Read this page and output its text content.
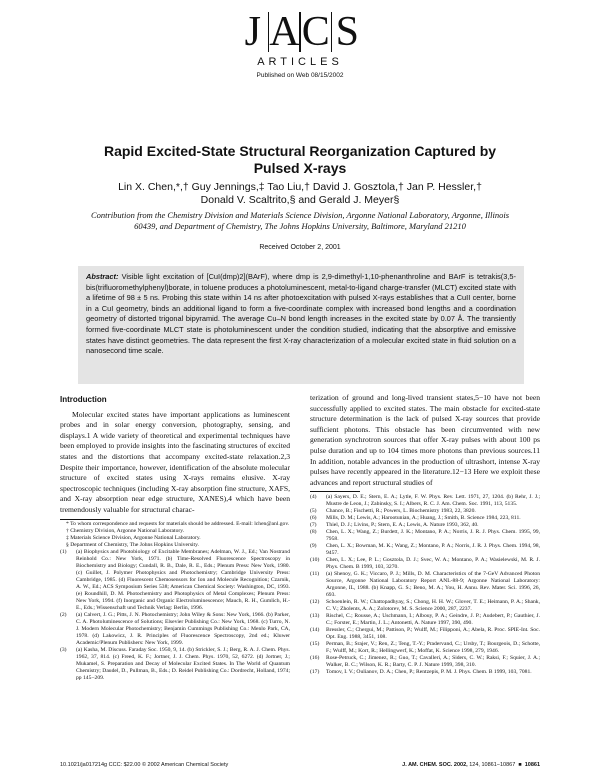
J A C S
ARTICLES
Published on Web 08/15/2002
Rapid Excited-State Structural Reorganization Captured by Pulsed X-rays
Lin X. Chen,*,† Guy Jennings,‡ Tao Liu,† David J. Gosztola,† Jan P. Hessler,†
Donald V. Scaltrito,§ and Gerald J. Meyer§
Contribution from the Chemistry Division and Materials Science Division, Argonne National Laboratory, Argonne, Illinois 60439, and Department of Chemistry, The Johns Hopkins University, Baltimore, Maryland 21210
Received October 2, 2001
Abstract: Visible light excitation of [CuI(dmp)2](BArF), where dmp is 2,9-dimethyl-1,10-phenanthroline and BArF is tetrakis(3,5-bis(trifluoromethylphenyl)borate, in toluene produces a photoluminescent, metal-to-ligand charge-transfer (MLCT) excited state with a lifetime of 98 ± 5 ns. Probing this state within 14 ns after photoexcitation with pulsed X-rays establishes that a CuII center, borne in a CuI geometry, binds an additional ligand to form a five-coordinate complex with increased bond lengths and a coordination geometry of distorted trigonal bipyramid. The average Cu–N bond length increases in the excited state by 0.07 Å. The transiently formed five-coordinate MLCT state is photoluminescent under the condition studied, indicating that the absorptive and emissive states have distinct geometries. The data represent the first X-ray characterization of a molecular excited state in fluid solution on a nanosecond time scale.
Introduction

Molecular excited states have important applications as luminescent probes and in solar energy conversion, photography, sensing, and displays.1 A wide variety of theoretical and experimental techniques have been employed to provide insights into the fascinating structures of excited states and the distortions that accompany excited-state relaxation.2,3 Despite their importance, however, identification of the absolute molecular structure of excited states using X-rays remains elusive. X-ray spectroscopic techniques (including X-ray absorption fine structure, XAFS, and X-ray absorption near edge structure, XANES),4 which have been tremendously valuable for structural charac-

* To whom correspondence and requests for materials should be addressed. E-mail: lchen@anl.gov.

† Chemistry Division, Argonne National Laboratory.

‡ Materials Science Division, Argonne National Laboratory.

§ Department of Chemistry, The Johns Hopkins University.

(1)	(a) Biophysics and Photobiology of Excitable Membranes; Adelman, W. J., Ed.; Van Nostrand Reinhold Co.: New York, 1971. (b) Time-Resolved Fluorescence Spectroscopy in Biochemistry and Biology; Cundall, R. B., Dale, R. E., Eds.; Plenum Press: New York, 1980. (c) Guillet, J. Polymer Photophysics and Photochemistry; Cambridge University Press: Cambridge, 1985. (d) Fluorescent Chemosensors for Ion and Molecule Recognition; Czarnik, A. W., Ed.; ACS Symposium Series 538; American Chemical Society: Washington, DC, 1993. (e) Roundhill, D. M. Photochemistry and Photophysics of Metal Complexes; Plenum Press: New York, 1994. (f) Inorganic and Organic Electroluminescence; Mauch, R. H., Gumlich, H.-E., Eds.; Wissenschaft und Technik Verlag: Berlin, 1996.
(2)	(a) Calvert, J. G.; Pitts, J. N. Photochemistry; John Wiley & Sons: New York, 1966. (b) Parker, C. A. Photoluminescence of Solutions; Elsevier Publishing Co.: New York, 1968. (c) Turro, N. J. Modern Molecular Photochemistry; Benjamin Cummings Publishing Co.: Menlo Park, CA, 1978. (d) Lakowicz, J. R. Principles of Fluorescence Spectroscopy, 2nd ed.; Kluwer Academic/Plenum Publishers: New York, 1999.
(3)	(a) Kasha, M. Discuss. Faraday Soc. 1950, 9, 14. (b) Strickler, S. J.; Berg, R. A. J. Chem. Phys. 1962, 37, 814. (c) Freed, K. F.; Jortner, J. J. Chem. Phys. 1970, 52, 6272. (d) Jortner, J.; Mukamel, S. Preparation and Decay of Molecular Excited States. In The World of Quantum Chemistry; Daudel, D., Pullman, B., Eds.; D. Reidel Publishing Co.: Dordrecht, Holland, 1974; pp 145−209.

terization of ground and long-lived transient states,5−10 have not been successfully applied to excited states. The main obstacle for excited-state structure determination is the lack of pulsed X-ray sources that provide sufficient photons. This obstacle has been circumvented with new generation synchrotron sources that offer X-ray pulses with about 100 ps pulse duration and up to 104 times more photons than previous sources.11 In addition, notable advances in the production of ultrashort, intense X-ray pulses have recently appeared in the literature.12−13 Here we exploit these advances and report structural studies of

(4)	(a) Sayers, D. E.; Stern, E. A.; Lytle, F. W. Phys. Rev. Lett. 1971, 27, 1204. (b) Rehr, J. J.; Mustre de Leon, J.; Zabinsky, S. I.; Albers, R. C. J. Am. Chem. Soc. 1991, 113, 5135.
(5)	Chance, B.; Fischetti, R.; Powers, L. Biochemistry 1983, 22, 3820.
(6)	Mills, D. M.; Lewis, A.; Harootunian, A.; Huang, J.; Smith, B. Science 1984, 223, 811.
(7)	Thiel, D. J.; Livins, P.; Stern, E. A.; Lewis, A. Nature 1993, 362, 40.
(8)	Chen, L. X.; Wang, Z.; Burdett, J. K.; Montano, P. A.; Norris, J. R. J. Phys. Chem. 1995, 99, 7958.
(9)	Chen, L. X.; Bowman, M. K.; Wang, Z.; Montano, P. A.; Norris, J. R. J. Phys. Chem. 1994, 98, 9457.
(10)	Chen, L. X.; Lee, P. L.; Gosztola, D. J.; Svec, W. A.; Montano, P. A.; Wasielewski, M. R. J. Phys. Chem. B 1999, 103, 3270.
(11)	(a) Shenoy, G. K.; Viccaro, P. J.; Mills, D. M. Characteristics of the 7-GeV Advanced Photon Source, Argonne National Laboratory Report ANL-88-9; Argonne National Laboratory: Argonne, IL, 1988. (b) Knapp, G. S.; Beno, M. A.; You, H. Annu. Rev. Mater. Sci. 1996, 26, 693.
(12)	Schoenlein, R. W.; Chattopadhyay, S.; Chong, H. H. W.; Glover, T. E.; Heimann, P. A.; Shank, C. V.; Zholents, A. A.; Zolotorev, M. S. Science 2000, 287, 2237.
(13)	Rischel, C.; Rousse, A.; Uschmann, I.; Albouy, P. A.; Geindre, J. P.; Audebert, P.; Gauthier, J. C.; Forster, E.; Martin, J. L.; Antonetti, A. Nature 1997, 390, 490.
(14)	Bressler, C.; Chergui, M.; Pattison, P.; Wulff, M.; Filipponi, A.; Abela, R. Proc. SPIE-Int. Soc. Opt. Eng. 1988, 3451, 108.
(15)	Perman, B.; Srajer, V.; Ren, Z.; Teng, T.-Y.; Pradervand, C.; Ursby, T.; Bourgeois, D.; Schotte, F.; Wulff, M.; Kort, R.; Hellingwerf, K.; Moffat, K. Science 1998, 279, 1946.
(16)	Rose-Petruck, C.; Jimenez, R.; Guo, T.; Cavalleri, A.; Siders, C. W.; Raksi, F.; Squier, J. A.; Walker, B. C.; Wilson, K. R.; Barty, C. P. J. Nature 1999, 398, 310.
(17)	Tomov, I. V.; Oulianov, D. A.; Chen, P.; Rentzepis, P. M. J. Phys. Chem. B 1999, 103, 7081.
10.1021/ja017214g CCC: $22.00 © 2002 American Chemical Society	J. AM. CHEM. SOC. 2002, 124, 10861−10867  ■  10861
